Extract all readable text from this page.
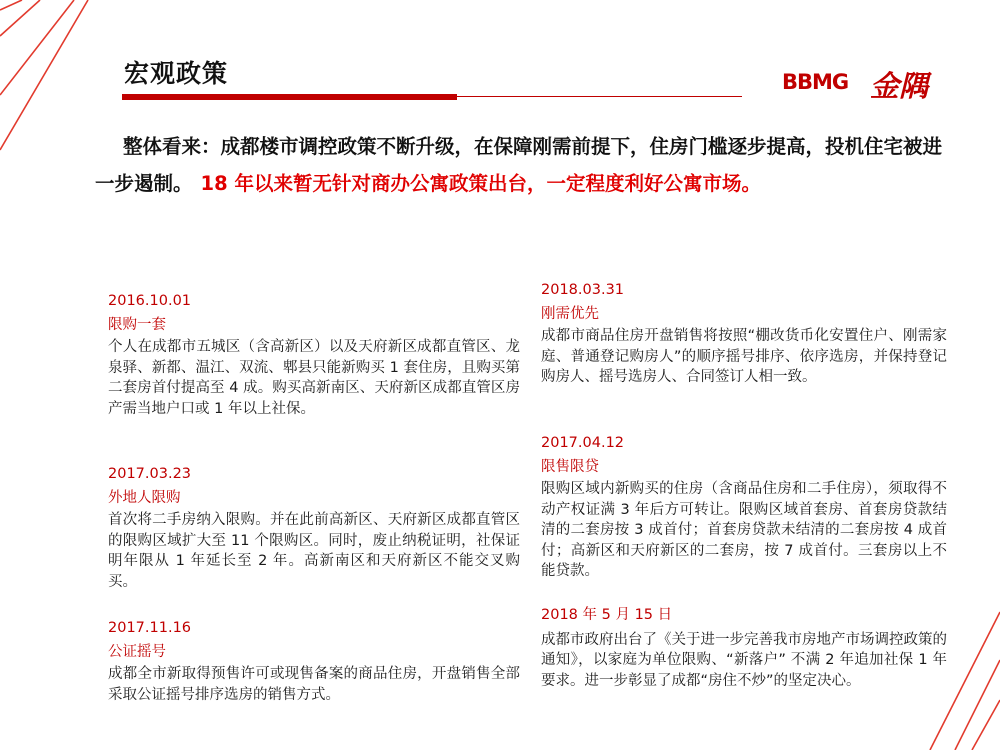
宏观政策	BBMG 金隅
整体看来：成都楼市调控政策不断升级，在保障刚需前提下，住房门槛逐步提高，投机住宅被进一步遏制。 18 年以来暂无针对商办公寓政策出台，一定程度利好公寓市场。
2016.10.01
限购一套
个人在成都市五城区（含高新区）以及天府新区成都直管区、龙泉驿、新都、温江、双流、郫县只能新购买 1 套住房，且购买第二套房首付提高至 4 成。购买高新南区、天府新区成都直管区房产需当地户口或 1 年以上社保。
2017.03.23
外地人限购
首次将二手房纳入限购。并在此前高新区、天府新区成都直管区的限购区域扩大至 11 个限购区。同时，废止纳税证明，社保证明年限从 1 年延长至 2 年。高新南区和天府新区不能交叉购买。
2017.11.16
公证摇号
成都全市新取得预售许可或现售备案的商品住房，开盘销售全部采取公证摇号排序选房的销售方式。
2018.03.31
刚需优先
成都市商品住房开盘销售将按照“棚改货币化安置住户、刚需家庭、普通登记购房人”的顺序摇号排序、依序选房，并保持登记购房人、摇号选房人、合同签订人相一致。
2017.04.12
限售限贷
限购区域内新购买的住房（含商品住房和二手住房），须取得不动产权证满 3 年后方可转让。限购区域首套房、首套房贷款结清的二套房按 3 成首付；首套房贷款未结清的二套房按 4 成首付；高新区和天府新区的二套房，按 7 成首付。三套房以上不能贷款。
2018 年 5 月 15 日
成都市政府出台了《关于进一步完善我市房地产市场调控政策的通知》，以家庭为单位限购、“新落户” 不满 2 年追加社保 1 年要求。进一步彰显了成都“房住不炒”的坚定决心。
